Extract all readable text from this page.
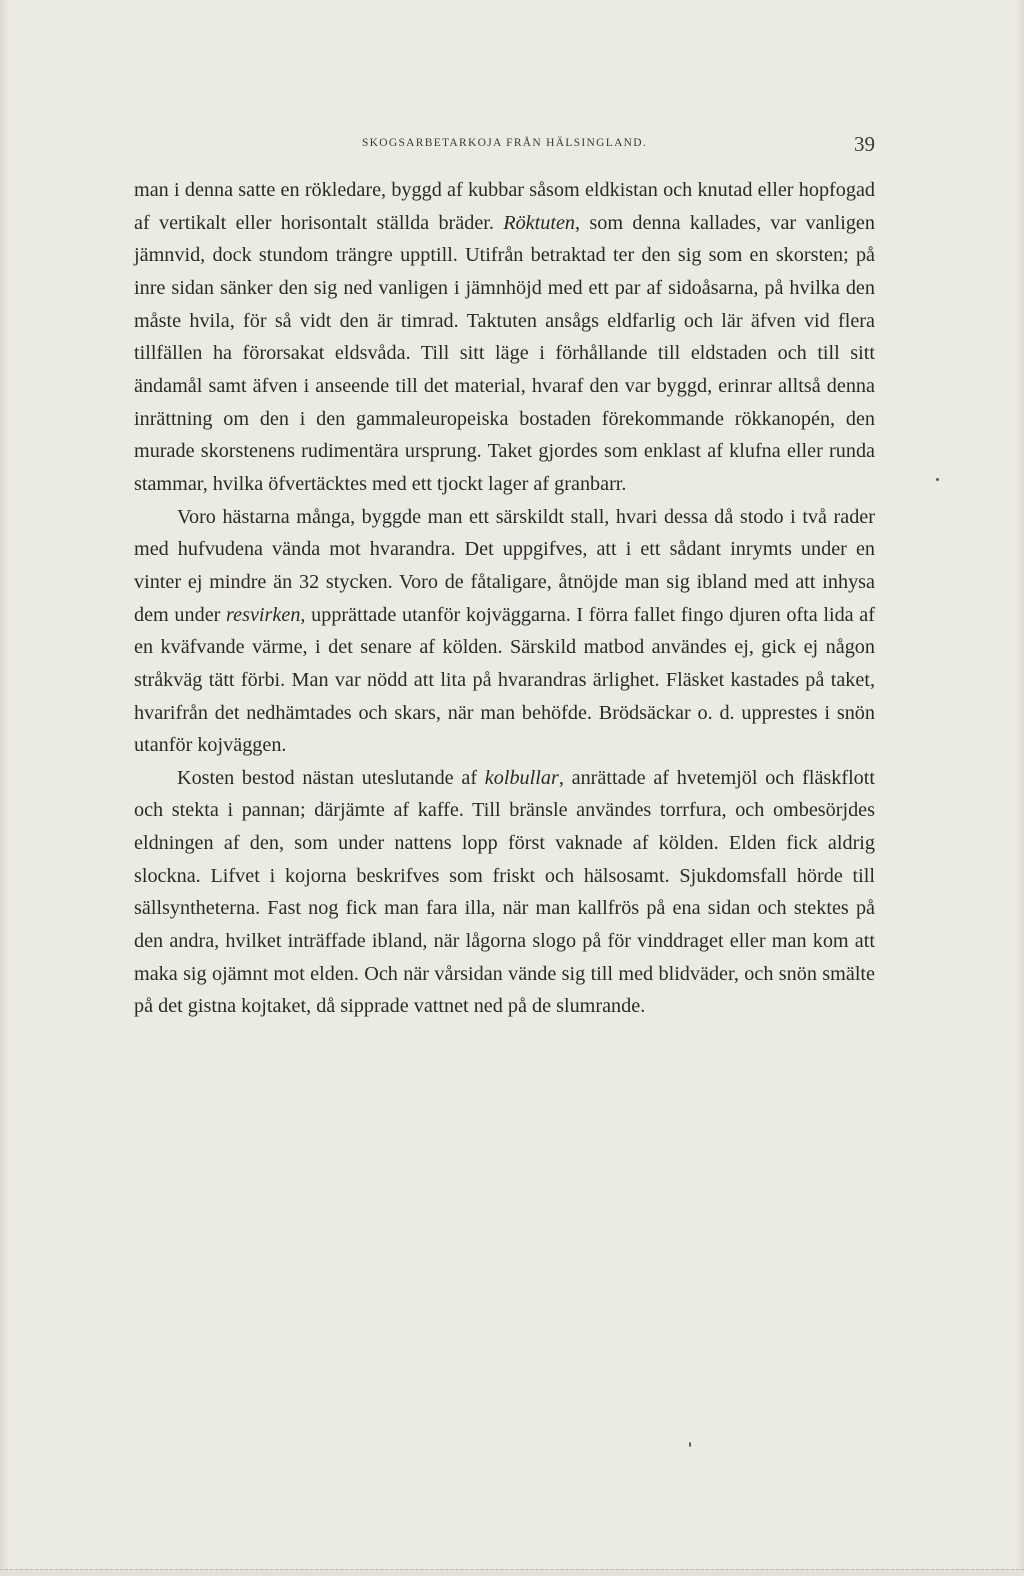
SKOGSARBETARKOJA FRÅN HÄLSINGLAND.	39

man i denna satte en rökledare, byggd af kubbar såsom eldkistan och knutad eller hopfogad af vertikalt eller horisontalt ställda bräder. Röktuten, som denna kallades, var vanligen jämnvid, dock stundom trängre upptill. Utifrån betraktad ter den sig som en skorsten; på inre sidan sänker den sig ned vanligen i jämnhöjd med ett par af sidoåsarna, på hvilka den måste hvila, för så vidt den är timrad. Taktuten ansågs eldfarlig och lär äfven vid flera tillfällen ha förorsakat eldsvåda. Till sitt läge i förhållande till eldstaden och till sitt ändamål samt äfven i anseende till det material, hvaraf den var byggd, erinrar alltså denna inrättning om den i den gammaleuropeiska bostaden förekommande rökkanopén, den murade skorstenens rudimentära ursprung. Taket gjordes som enklast af klufna eller runda stammar, hvilka öfvertäcktes med ett tjockt lager af granbarr.

Voro hästarna många, byggde man ett särskildt stall, hvari dessa då stodo i två rader med hufvudena vända mot hvarandra. Det uppgifves, att i ett sådant inrymts under en vinter ej mindre än 32 stycken. Voro de fåtaligare, åtnöjde man sig ibland med att inhysa dem under resvirken, upprättade utanför kojväggarna. I förra fallet fingo djuren ofta lida af en kväfvande värme, i det senare af kölden. Särskild matbod användes ej, gick ej någon stråkväg tätt förbi. Man var nödd att lita på hvarandras ärlighet. Fläsket kastades på taket, hvarifrån det nedhämtades och skars, när man behöfde. Brödsäckar o. d. upprestes i snön utanför kojväggen.

Kosten bestod nästan uteslutande af kolbullar, anrättade af hvetemjöl och fläskflott och stekta i pannan; därjämte af kaffe. Till bränsle användes torrfura, och ombesörjdes eldningen af den, som under nattens lopp först vaknade af kölden. Elden fick aldrig slockna. Lifvet i kojorna beskrifves som friskt och hälsosamt. Sjukdomsfall hörde till sällsyntheterna. Fast nog fick man fara illa, när man kallfrös på ena sidan och stektes på den andra, hvilket inträffade ibland, när lågorna slogo på för vinddraget eller man kom att maka sig ojämnt mot elden. Och när vårsidan vände sig till med blidväder, och snön smälte på det gistna kojtaket, då sipprade vattnet ned på de slumrande.
